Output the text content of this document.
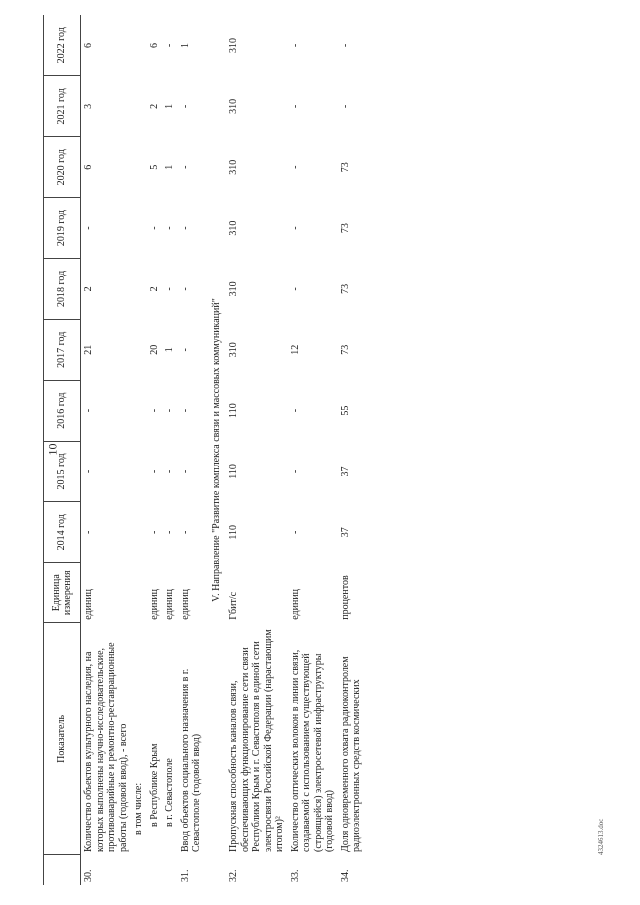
10
	Показатель	Единица измерения	2014 год	2015 год	2016 год	2017 год	2018 год	2019 год	2020 год	2021 год	2022 год
30.	Количество объектов культурного наследия, на которых выполнены научно-исследовательские, противоаварийные и ремонтно-реставрационные работы (годовой ввод), - всего	единиц	-	-	-	21	2	-	6	3	6
	в том числе:										
	в Республике Крым	единиц	-	-	-	20	2	-	5	2	6
	в г. Севастополе	единиц	-	-	-	1	-	-	1	1	-
31.	Ввод объектов социального назначения в г. Севастополе (годовой ввод)	единиц	-	-	-	-	-	-	-	-	1
V. Направление "Развитие комплекса связи и массовых коммуникаций"											
32.	Пропускная способность каналов связи, обеспечивающих функционирование сети связи Республики Крым и г. Севастополя в единой сети электросвязи Российской Федерации (нарастающим итогом)²	Гбит/с	110	110	110	310	310	310	310	310	310
33.	Количество оптических волокон в линии связи, создаваемой с использованием существующей (строящейся) электросетевой инфраструктуры (годовой ввод)	единиц	-	-	-	12	-	-	-	-	-
34.	Доля одновременного охвата радиоконтролем радиоэлектронных средств космических	процентов	37	37	55	73	73	73	73	-	-
4324613.doc
